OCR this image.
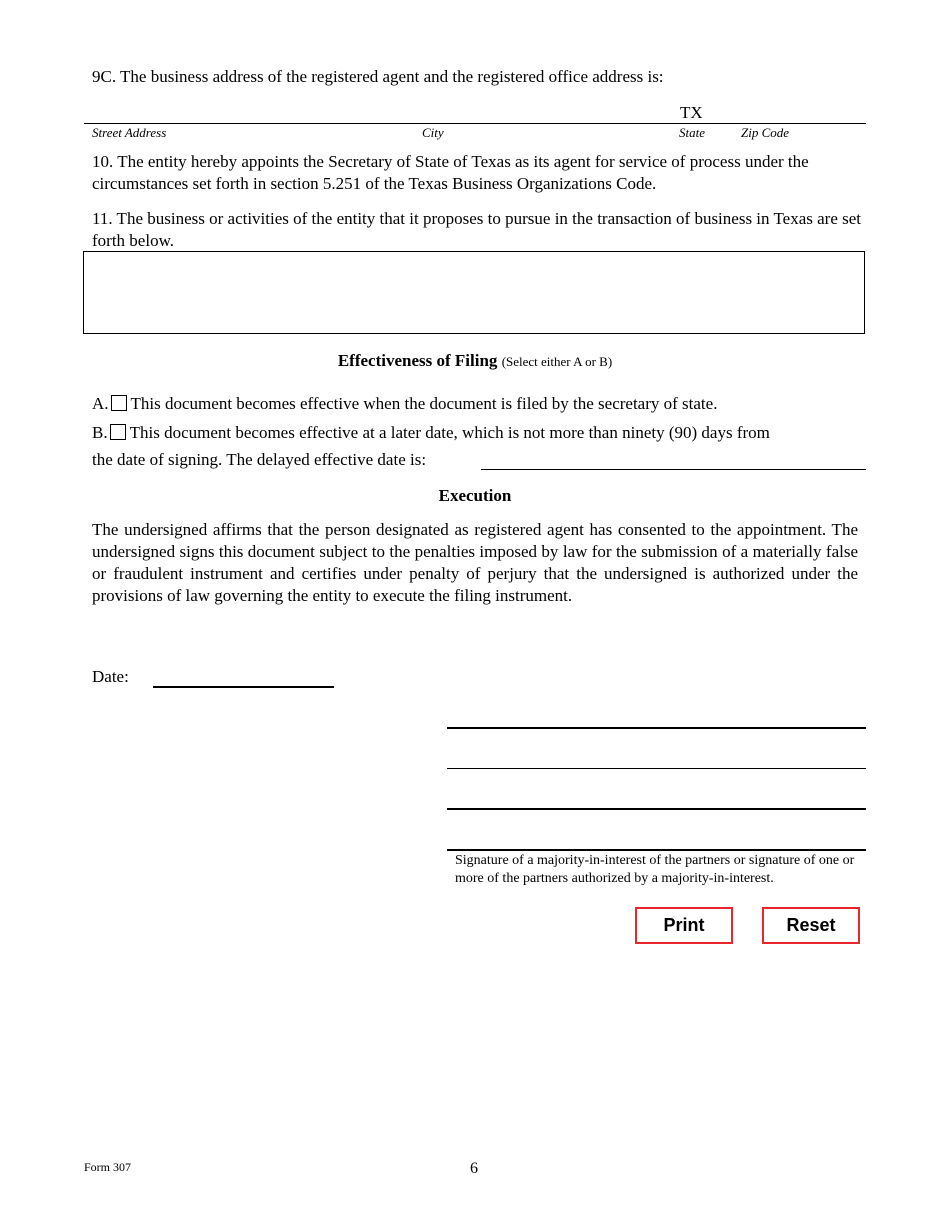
9C. The business address of the registered agent and the registered office address is:
TX
Street Address	City	State	Zip Code
10. The entity hereby appoints the Secretary of State of Texas as its agent for service of process under the circumstances set forth in section 5.251 of the Texas Business Organizations Code.
11. The business or activities of the entity that it proposes to pursue in the transaction of business in Texas are set forth below.
Effectiveness of Filing (Select either A or B)
A. This document becomes effective when the document is filed by the secretary of state.
B. This document becomes effective at a later date, which is not more than ninety (90) days from
the date of signing. The delayed effective date is:
Execution
The undersigned affirms that the person designated as registered agent has consented to the appointment. The undersigned signs this document subject to the penalties imposed by law for the submission of a materially false or fraudulent instrument and certifies under penalty of perjury that the undersigned is authorized under the provisions of law governing the entity to execute the filing instrument.
Date:
Signature of a majority-in-interest of the partners or signature of one or more of the partners authorized by a majority-in-interest.
Print	Reset
Form 307	6
